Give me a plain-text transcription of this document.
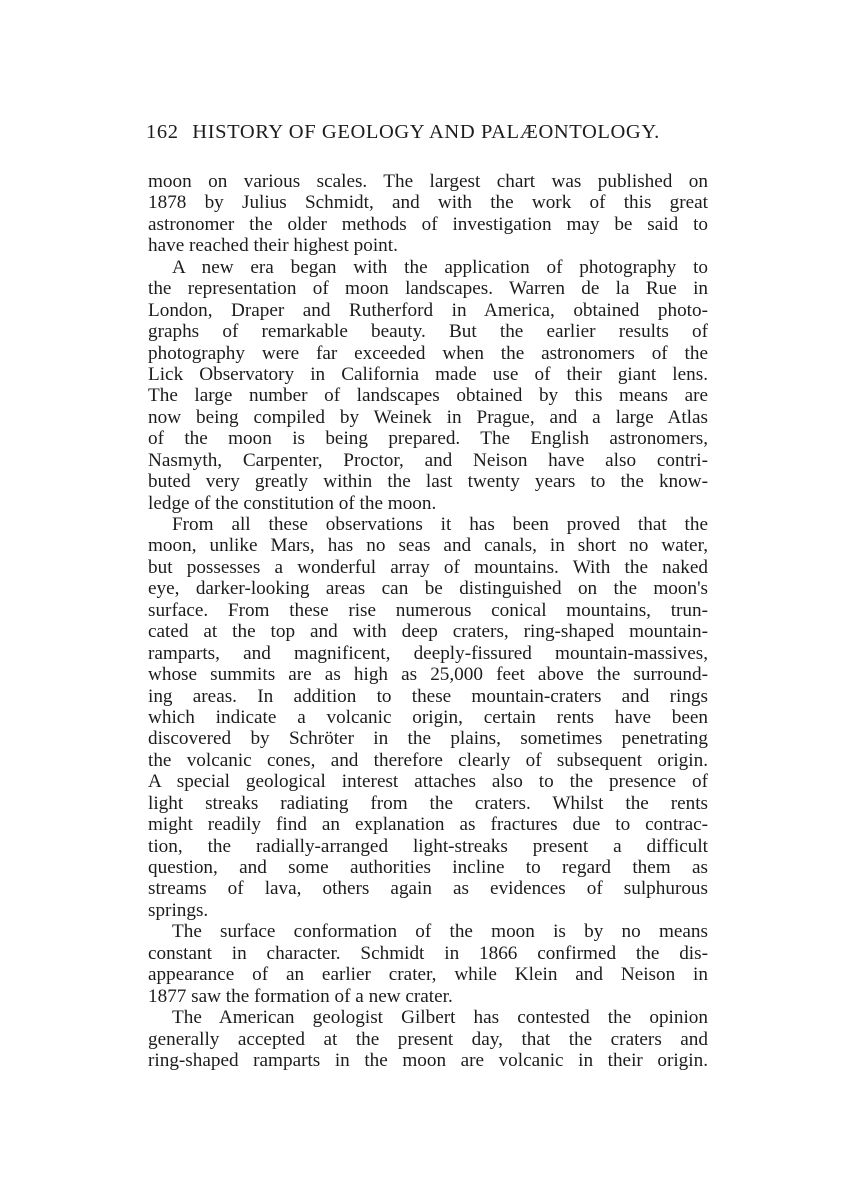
162 HISTORY OF GEOLOGY AND PALÆONTOLOGY.
moon on various scales. The largest chart was published on
1878 by Julius Schmidt, and with the work of this great
astronomer the older methods of investigation may be said to
have reached their highest point.
A new era began with the application of photography to
the representation of moon landscapes. Warren de la Rue in
London, Draper and Rutherford in America, obtained photo-
graphs of remarkable beauty. But the earlier results of
photography were far exceeded when the astronomers of the
Lick Observatory in California made use of their giant lens.
The large number of landscapes obtained by this means are
now being compiled by Weinek in Prague, and a large Atlas
of the moon is being prepared. The English astronomers,
Nasmyth, Carpenter, Proctor, and Neison have also contri-
buted very greatly within the last twenty years to the know-
ledge of the constitution of the moon.
From all these observations it has been proved that the
moon, unlike Mars, has no seas and canals, in short no water,
but possesses a wonderful array of mountains. With the naked
eye, darker-looking areas can be distinguished on the moon's
surface. From these rise numerous conical mountains, trun-
cated at the top and with deep craters, ring-shaped mountain-
ramparts, and magnificent, deeply-fissured mountain-massives,
whose summits are as high as 25,000 feet above the surround-
ing areas. In addition to these mountain-craters and rings
which indicate a volcanic origin, certain rents have been
discovered by Schröter in the plains, sometimes penetrating
the volcanic cones, and therefore clearly of subsequent origin.
A special geological interest attaches also to the presence of
light streaks radiating from the craters. Whilst the rents
might readily find an explanation as fractures due to contrac-
tion, the radially-arranged light-streaks present a difficult
question, and some authorities incline to regard them as
streams of lava, others again as evidences of sulphurous
springs.
The surface conformation of the moon is by no means
constant in character. Schmidt in 1866 confirmed the dis-
appearance of an earlier crater, while Klein and Neison in
1877 saw the formation of a new crater.
The American geologist Gilbert has contested the opinion
generally accepted at the present day, that the craters and
ring-shaped ramparts in the moon are volcanic in their origin.
